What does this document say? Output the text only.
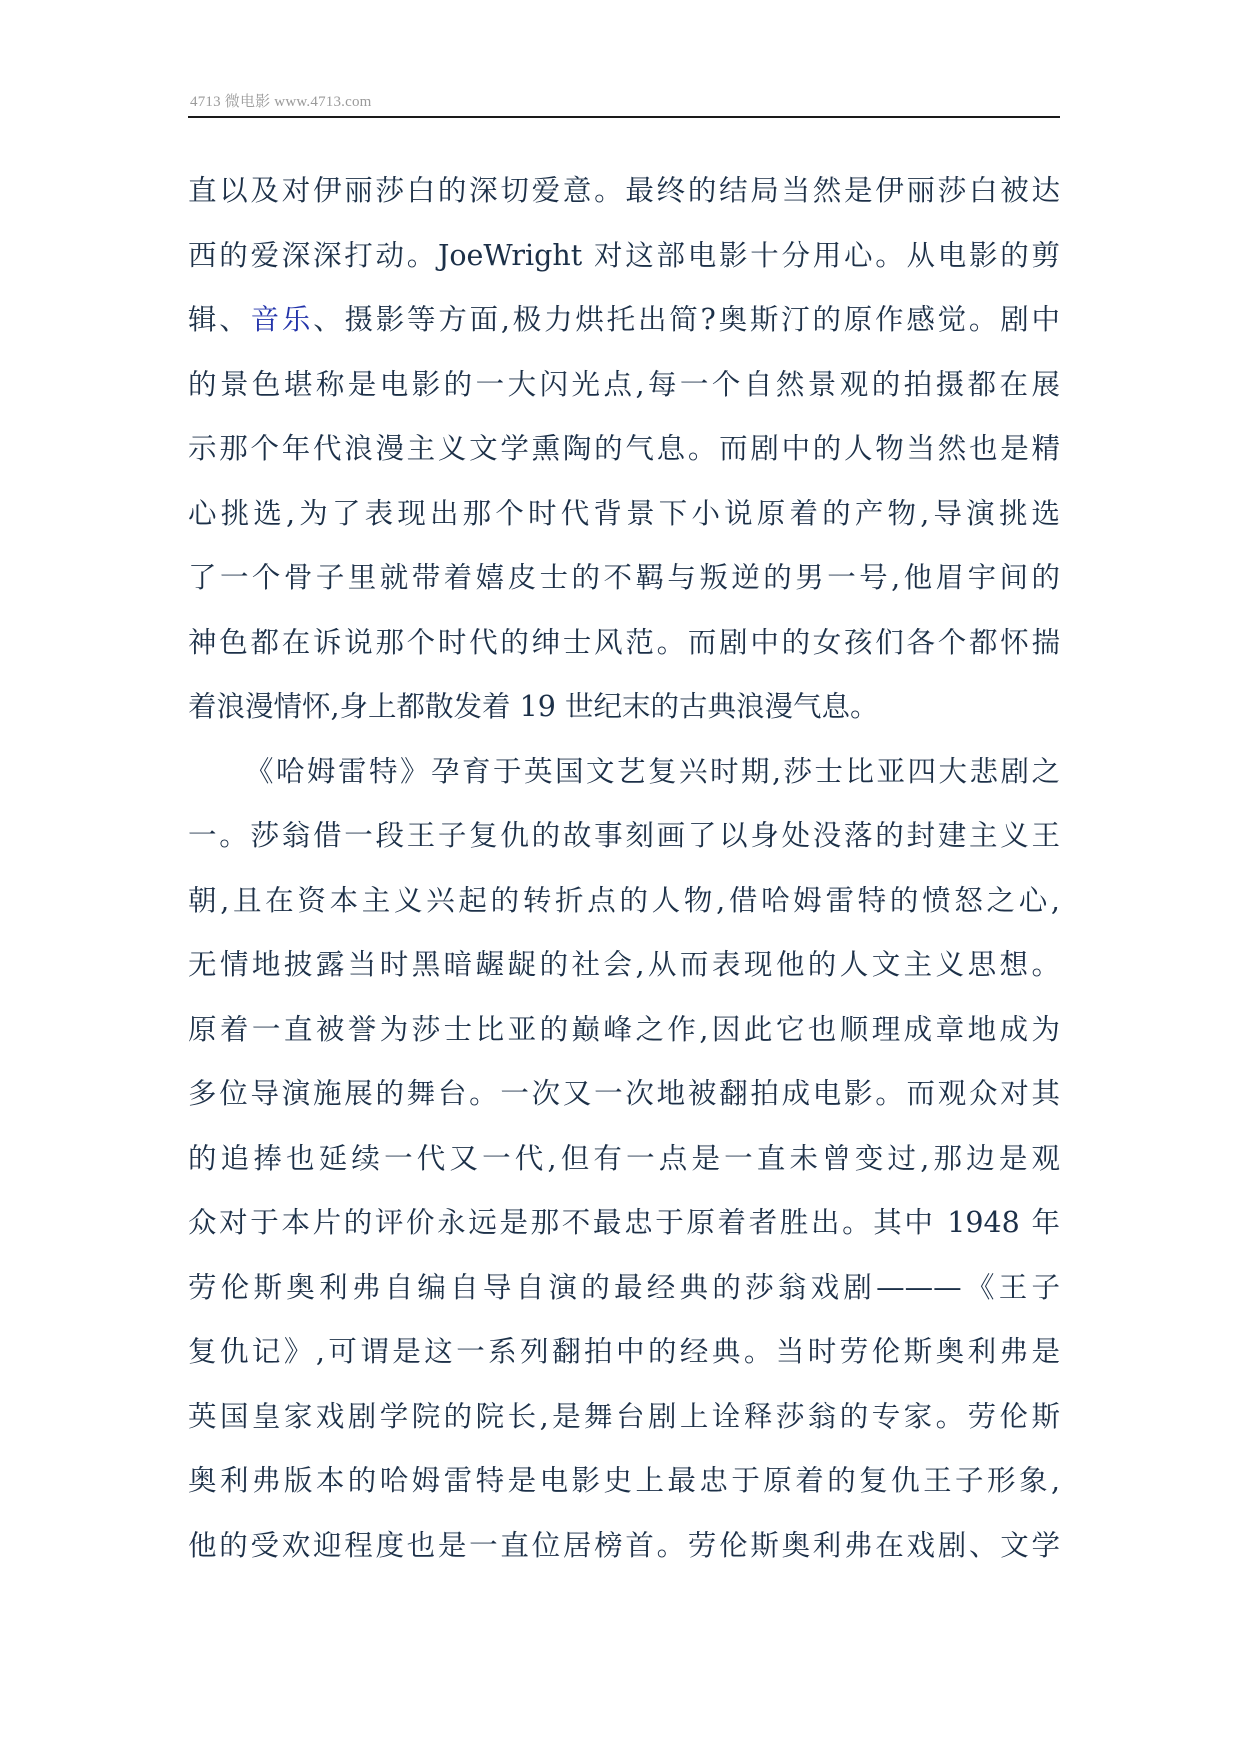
4713 微电影 www.4713.com
直以及对伊丽莎白的深切爱意。最终的结局当然是伊丽莎白被达
西的爱深深打动。JoeWright 对这部电影十分用心。从电影的剪
辑、音乐、摄影等方面,极力烘托出简?奥斯汀的原作感觉。剧中
的景色堪称是电影的一大闪光点,每一个自然景观的拍摄都在展
示那个年代浪漫主义文学熏陶的气息。而剧中的人物当然也是精
心挑选,为了表现出那个时代背景下小说原着的产物,导演挑选
了一个骨子里就带着嬉皮士的不羁与叛逆的男一号,他眉宇间的
神色都在诉说那个时代的绅士风范。而剧中的女孩们各个都怀揣
着浪漫情怀,身上都散发着 19 世纪末的古典浪漫气息。
《哈姆雷特》孕育于英国文艺复兴时期,莎士比亚四大悲剧之
一。莎翁借一段王子复仇的故事刻画了以身处没落的封建主义王
朝,且在资本主义兴起的转折点的人物,借哈姆雷特的愤怒之心,
无情地披露当时黑暗龌龊的社会,从而表现他的人文主义思想。
原着一直被誉为莎士比亚的巅峰之作,因此它也顺理成章地成为
多位导演施展的舞台。一次又一次地被翻拍成电影。而观众对其
的追捧也延续一代又一代,但有一点是一直未曾变过,那边是观
众对于本片的评价永远是那不最忠于原着者胜出。其中 1948 年
劳伦斯奥利弗自编自导自演的最经典的莎翁戏剧———《王子
复仇记》,可谓是这一系列翻拍中的经典。当时劳伦斯奥利弗是
英国皇家戏剧学院的院长,是舞台剧上诠释莎翁的专家。劳伦斯
奥利弗版本的哈姆雷特是电影史上最忠于原着的复仇王子形象,
他的受欢迎程度也是一直位居榜首。劳伦斯奥利弗在戏剧、文学
